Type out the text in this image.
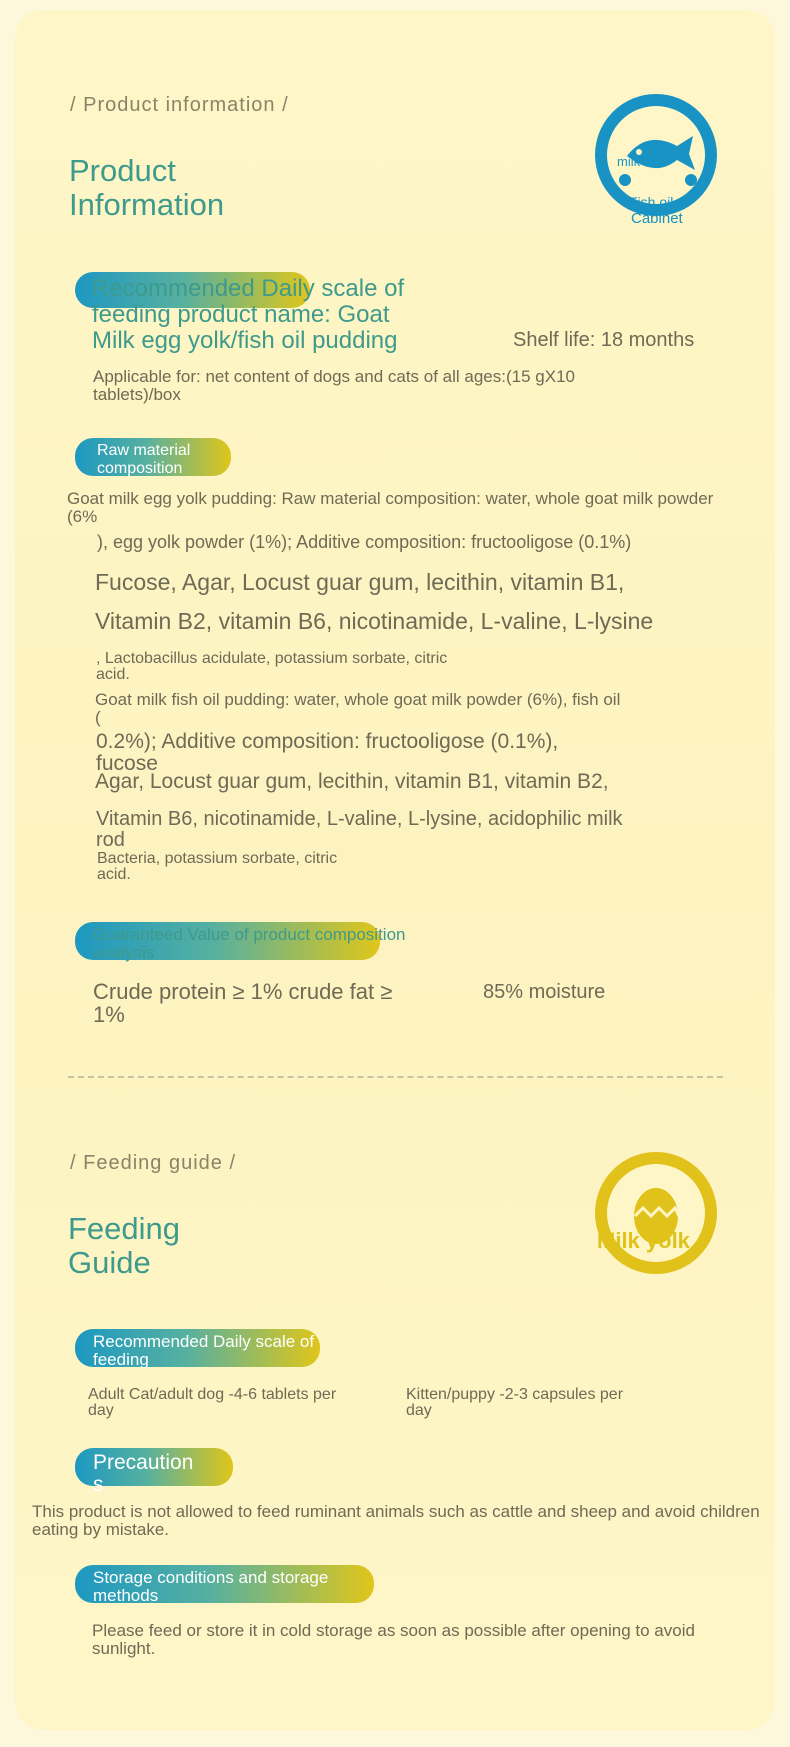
/ Product information /
Product
Information
milk
Fish oil
Cabinet
Recommended Daily scale of
feeding product name: Goat
Milk egg yolk/fish oil pudding	Shelf life: 18 months
Applicable for: net content of dogs and cats of all ages:(15 gX10
tablets)/box
Raw material
composition
Goat milk egg yolk pudding: Raw material composition: water, whole goat milk powder
(6%
), egg yolk powder (1%); Additive composition: fructooligose (0.1%)
Fucose, Agar, Locust guar gum, lecithin, vitamin B1,
Vitamin B2, vitamin B6, nicotinamide, L-valine, L-lysine
, Lactobacillus acidulate, potassium sorbate, citric
acid.
Goat milk fish oil pudding: water, whole goat milk powder (6%), fish oil
(
0.2%); Additive composition: fructooligose (0.1%),
fucose
Agar, Locust guar gum, lecithin, vitamin B1, vitamin B2,
Vitamin B6, nicotinamide, L-valine, L-lysine, acidophilic milk
rod
Bacteria, potassium sorbate, citric
acid.
Guaranteed Value of product composition
analysis
Crude protein ≥ 1% crude fat ≥
1%
85% moisture
/ Feeding guide /
Feeding
Guide
Milk yolk
Recommended Daily scale of
feeding
Adult Cat/adult dog -4-6 tablets per
day
Kitten/puppy -2-3 capsules per
day
Precaution
s
This product is not allowed to feed ruminant animals such as cattle and sheep and avoid children
eating by mistake.
Storage conditions and storage
methods
Please feed or store it in cold storage as soon as possible after opening to avoid
sunlight.
